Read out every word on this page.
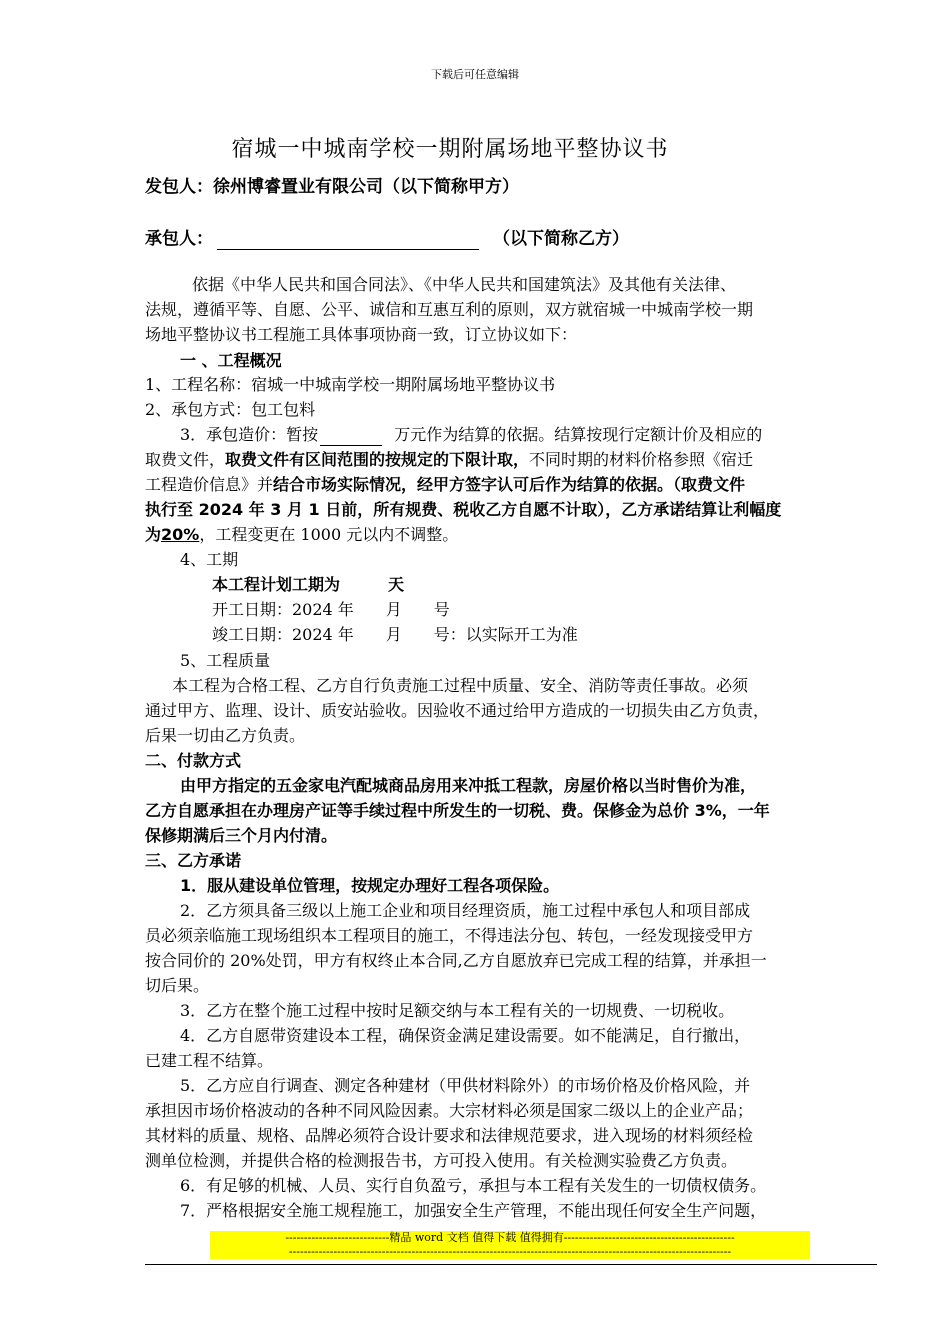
下载后可任意编辑
宿城一中城南学校一期附属场地平整协议书
发包人：徐州博睿置业有限公司（以下简称甲方）
承包人：	（以下简称乙方）
依据《中华人民共和国合同法》、《中华人民共和国建筑法》及其他有关法律、
法规，遵循平等、自愿、公平、诚信和互惠互利的原则，双方就宿城一中城南学校一期
场地平整协议书工程施工具体事项协商一致，订立协议如下：
一 、工程概况
1、工程名称：宿城一中城南学校一期附属场地平整协议书
2、承包方式：包工包料
3．承包造价：暂按	万元作为结算的依据。结算按现行定额计价及相应的
取费文件，取费文件有区间范围的按规定的下限计取，不同时期的材料价格参照《宿迁
工程造价信息》并结合市场实际情况，经甲方签字认可后作为结算的依据。（取费文件
执行至 2024 年 3 月 1 日前，所有规费、税收乙方自愿不计取），乙方承诺结算让利幅度
为20%，工程变更在 1000 元以内不调整。
4、工期
本工程计划工期为	天
开工日期：2024 年　　月　　号
竣工日期：2024 年　　月　　号：以实际开工为准
5、工程质量
本工程为合格工程、乙方自行负责施工过程中质量、安全、消防等责任事故。必须
通过甲方、监理、设计、质安站验收。因验收不通过给甲方造成的一切损失由乙方负责，
后果一切由乙方负责。
二、付款方式
由甲方指定的五金家电汽配城商品房用来冲抵工程款，房屋价格以当时售价为准，
乙方自愿承担在办理房产证等手续过程中所发生的一切税、费。保修金为总价 3%，一年
保修期满后三个月内付清。
三、乙方承诺
1．服从建设单位管理，按规定办理好工程各项保险。
2．乙方须具备三级以上施工企业和项目经理资质，施工过程中承包人和项目部成
员必须亲临施工现场组织本工程项目的施工，不得违法分包、转包，一经发现接受甲方
按合同价的 20%处罚，甲方有权终止本合同,乙方自愿放弃已完成工程的结算，并承担一
切后果。
3．乙方在整个施工过程中按时足额交纳与本工程有关的一切规费、一切税收。
4．乙方自愿带资建设本工程，确保资金满足建设需要。如不能满足，自行撤出，
已建工程不结算。
5．乙方应自行调查、测定各种建材（甲供材料除外）的市场价格及价格风险，并
承担因市场价格波动的各种不同风险因素。大宗材料必须是国家二级以上的企业产品；
其材料的质量、规格、品牌必须符合设计要求和法律规范要求，进入现场的材料须经检
测单位检测，并提供合格的检测报告书，方可投入使用。有关检测实验费乙方负责。
6．有足够的机械、人员、实行自负盈亏，承担与本工程有关发生的一切债权债务。
7．严格根据安全施工规程施工，加强安全生产管理，不能出现任何安全生产问题，
----------------------------精品 word 文档 值得下载 值得拥有----------------------------------------------
-----------------------------------------------------------------------------------------------------------------------
